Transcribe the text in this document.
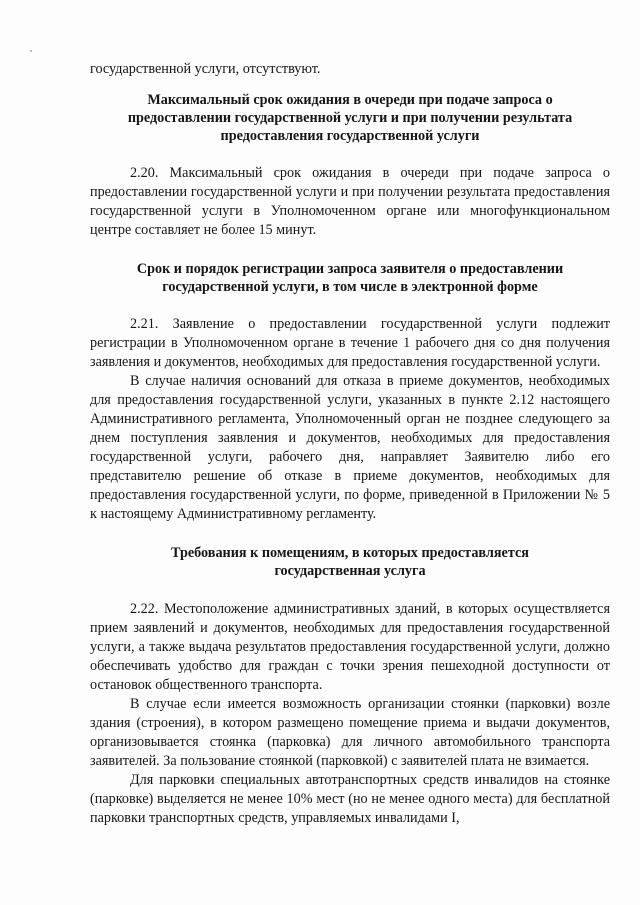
государственной услуги, отсутствуют.

Максимальный срок ожидания в очереди при подаче запроса о предоставлении государственной услуги и при получении результата предоставления государственной услуги

2.20. Максимальный срок ожидания в очереди при подаче запроса о предоставлении государственной услуги и при получении результата предоставления государственной услуги в Уполномоченном органе или многофункциональном центре составляет не более 15 минут.

Срок и порядок регистрации запроса заявителя о предоставлении государственной услуги, в том числе в электронной форме

2.21. Заявление о предоставлении государственной услуги подлежит регистрации в Уполномоченном органе в течение 1 рабочего дня со дня получения заявления и документов, необходимых для предоставления государственной услуги.

В случае наличия оснований для отказа в приеме документов, необходимых для предоставления государственной услуги, указанных в пункте 2.12 настоящего Административного регламента, Уполномоченный орган не позднее следующего за днем поступления заявления и документов, необходимых для предоставления государственной услуги, рабочего дня, направляет Заявителю либо его представителю решение об отказе в приеме документов, необходимых для предоставления государственной услуги, по форме, приведенной в Приложении № 5 к настоящему Административному регламенту.

Требования к помещениям, в которых предоставляется государственная услуга

2.22. Местоположение административных зданий, в которых осуществляется прием заявлений и документов, необходимых для предоставления государственной услуги, а также выдача результатов предоставления государственной услуги, должно обеспечивать удобство для граждан с точки зрения пешеходной доступности от остановок общественного транспорта.

В случае если имеется возможность организации стоянки (парковки) возле здания (строения), в котором размещено помещение приема и выдачи документов, организовывается стоянка (парковка) для личного автомобильного транспорта заявителей. За пользование стоянкой (парковкой) с заявителей плата не взимается.

Для парковки специальных автотранспортных средств инвалидов на стоянке (парковке) выделяется не менее 10% мест (но не менее одного места) для бесплатной парковки транспортных средств, управляемых инвалидами I,
